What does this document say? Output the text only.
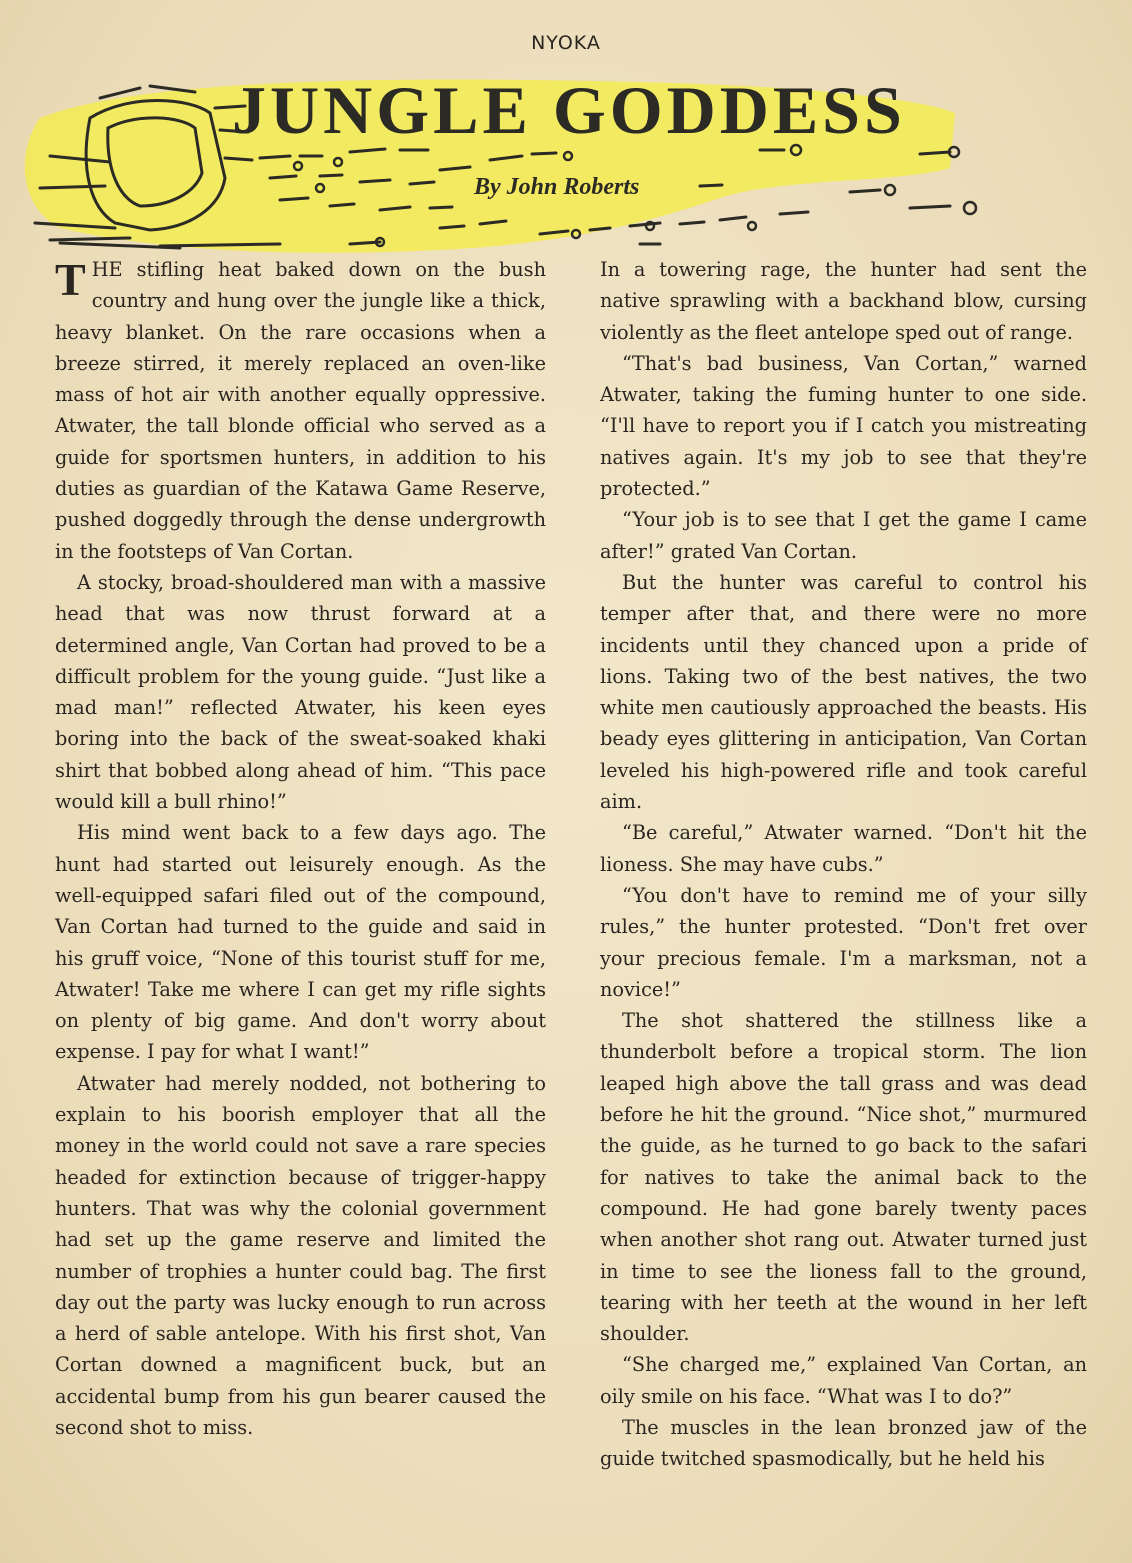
NYOKA
JUNGLE GODDESS
By John Roberts

THE stifling heat baked down on the bush country and hung over the jungle like a thick, heavy blanket. On the rare occasions when a breeze stirred, it merely replaced an oven-like mass of hot air with another equally oppressive. Atwater, the tall blonde official who served as a guide for sportsmen hunters, in addition to his duties as guardian of the Katawa Game Reserve, pushed doggedly through the dense undergrowth in the footsteps of Van Cortan.

A stocky, broad-shouldered man with a massive head that was now thrust forward at a determined angle, Van Cortan had proved to be a difficult problem for the young guide. “Just like a mad man!” reflected Atwater, his keen eyes boring into the back of the sweat-soaked khaki shirt that bobbed along ahead of him. “This pace would kill a bull rhino!”

His mind went back to a few days ago. The hunt had started out leisurely enough. As the well-equipped safari filed out of the compound, Van Cortan had turned to the guide and said in his gruff voice, “None of this tourist stuff for me, Atwater! Take me where I can get my rifle sights on plenty of big game. And don't worry about expense. I pay for what I want!”

Atwater had merely nodded, not bothering to explain to his boorish employer that all the money in the world could not save a rare species headed for extinction because of trigger-happy hunters. That was why the colonial government had set up the game reserve and limited the number of trophies a hunter could bag. The first day out the party was lucky enough to run across a herd of sable antelope. With his first shot, Van Cortan downed a magnificent buck, but an accidental bump from his gun bearer caused the second shot to miss.

In a towering rage, the hunter had sent the native sprawling with a backhand blow, cursing violently as the fleet antelope sped out of range.

“That's bad business, Van Cortan,” warned Atwater, taking the fuming hunter to one side. “I'll have to report you if I catch you mistreating natives again. It's my job to see that they're protected.”

“Your job is to see that I get the game I came after!” grated Van Cortan.

But the hunter was careful to control his temper after that, and there were no more incidents until they chanced upon a pride of lions. Taking two of the best natives, the two white men cautiously approached the beasts. His beady eyes glittering in anticipation, Van Cortan leveled his high-powered rifle and took careful aim.

“Be careful,” Atwater warned. “Don't hit the lioness. She may have cubs.”

“You don't have to remind me of your silly rules,” the hunter protested. “Don't fret over your precious female. I'm a marksman, not a novice!”

The shot shattered the stillness like a thunderbolt before a tropical storm. The lion leaped high above the tall grass and was dead before he hit the ground. “Nice shot,” murmured the guide, as he turned to go back to the safari for natives to take the animal back to the compound. He had gone barely twenty paces when another shot rang out. Atwater turned just in time to see the lioness fall to the ground, tearing with her teeth at the wound in her left shoulder.

“She charged me,” explained Van Cortan, an oily smile on his face. “What was I to do?”

The muscles in the lean bronzed jaw of the guide twitched spasmodically, but he held his
